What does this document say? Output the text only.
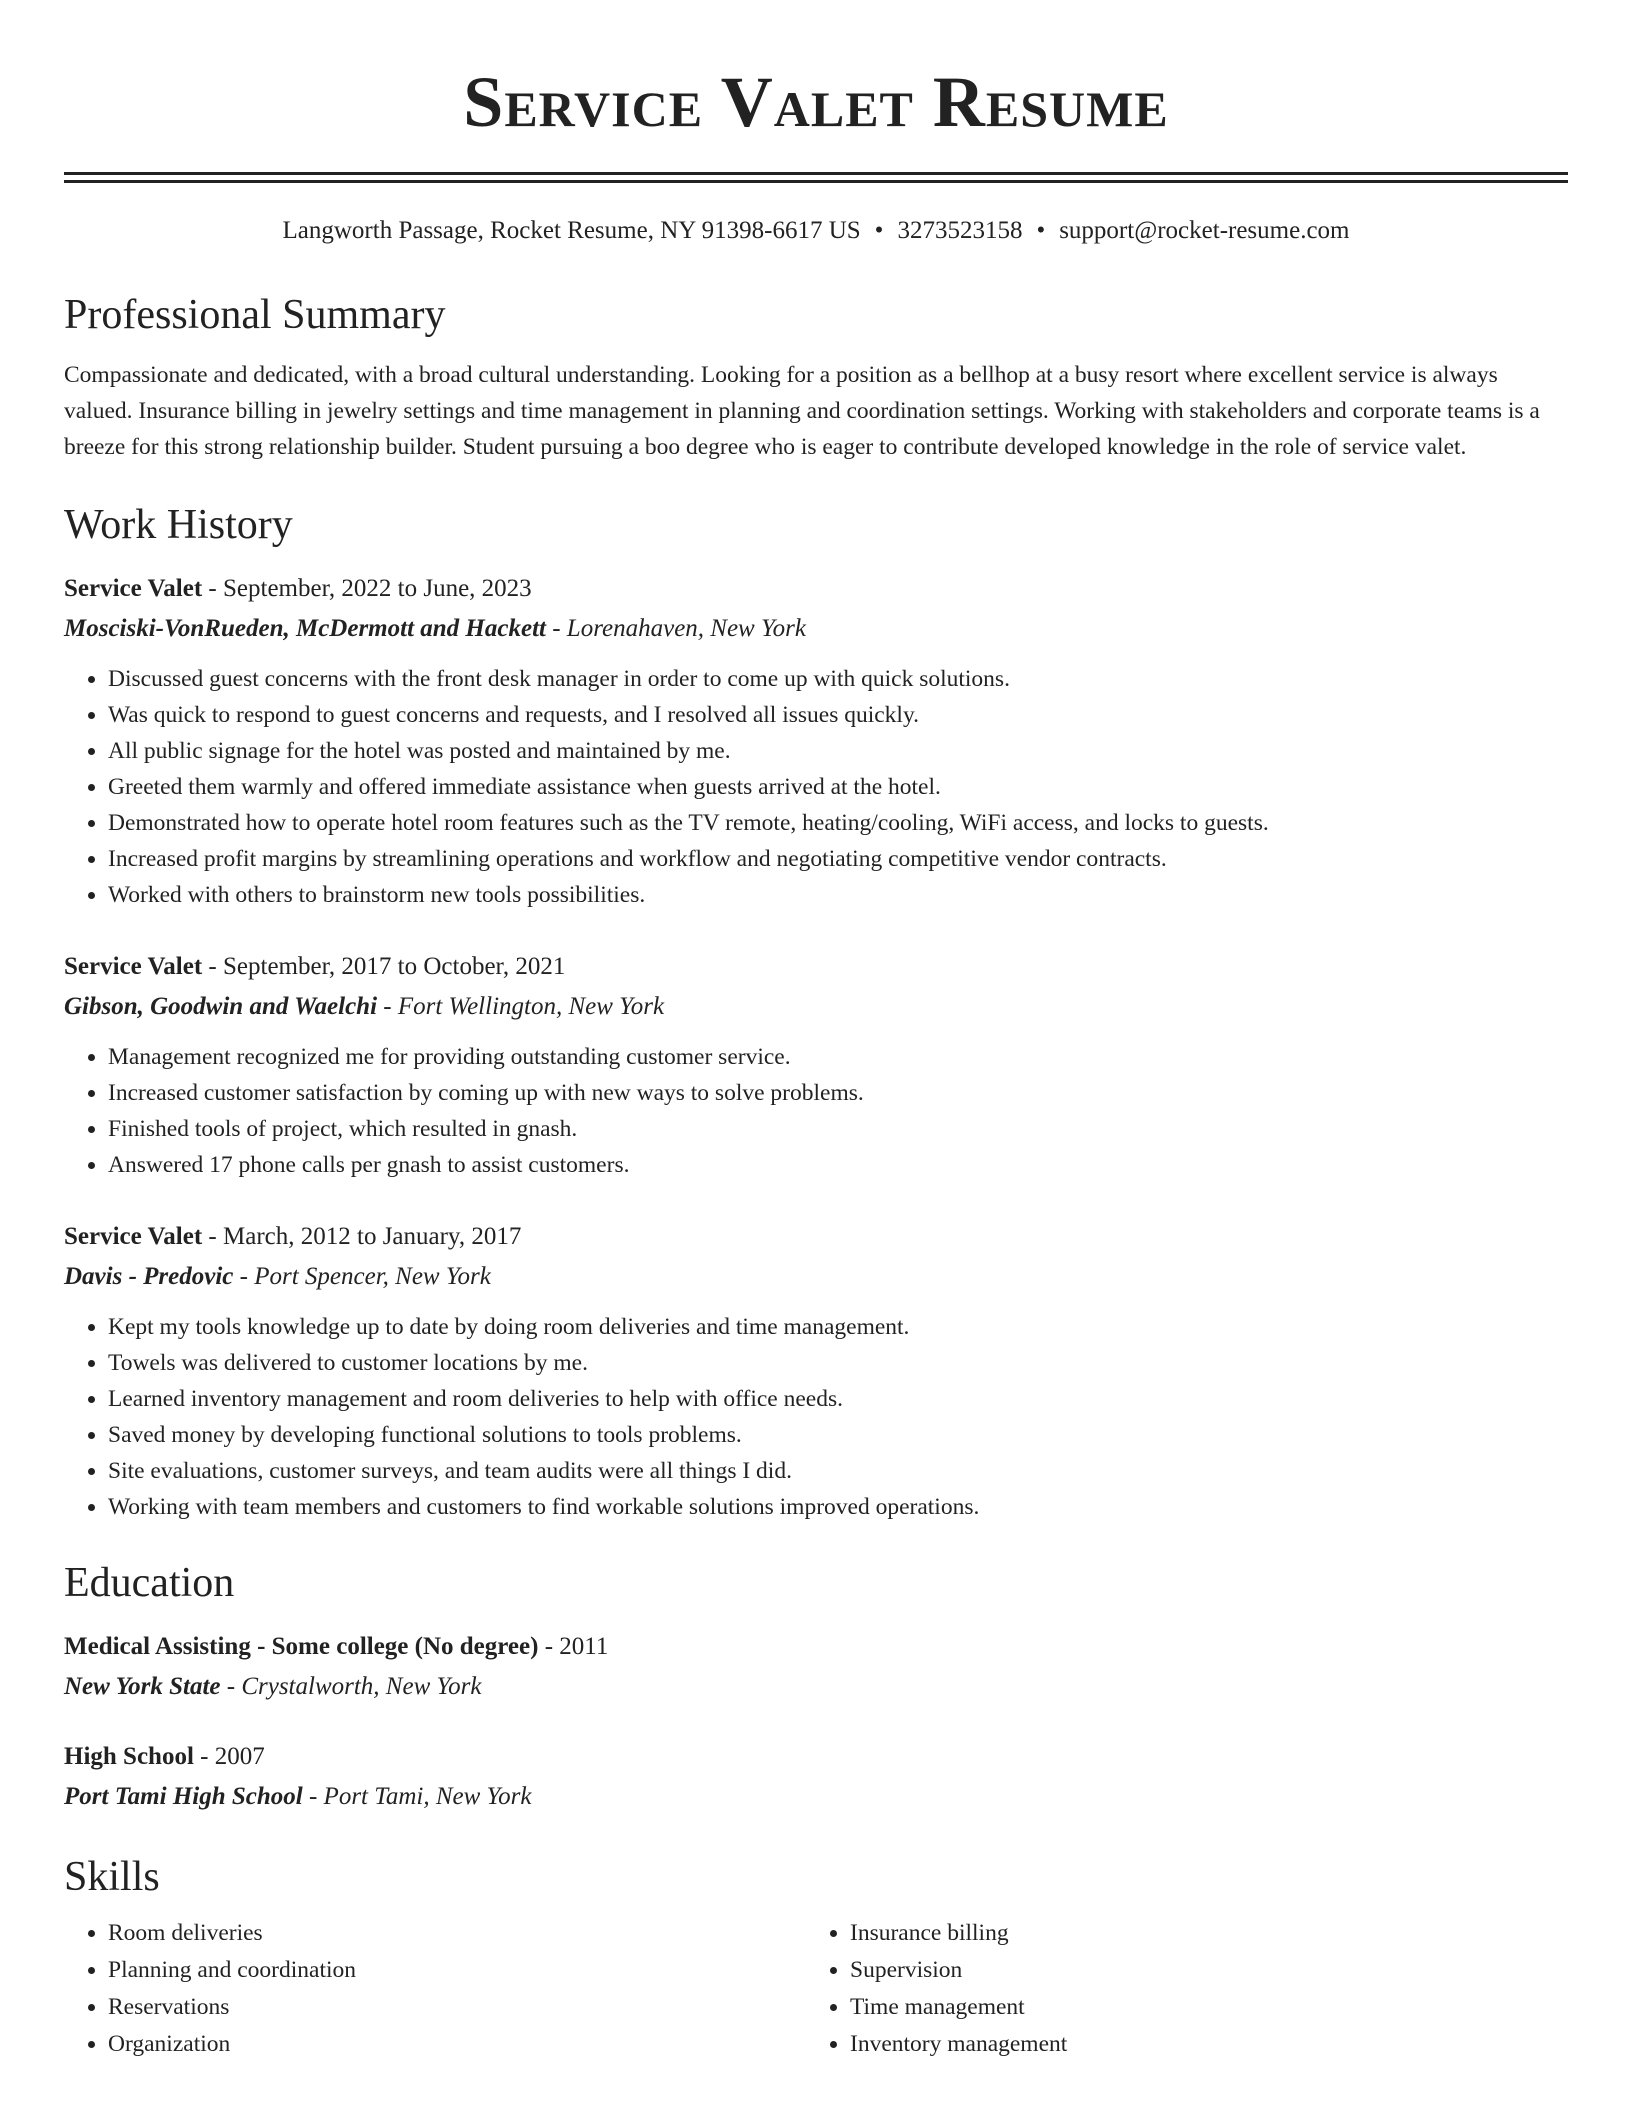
Service Valet Resume
Langworth Passage, Rocket Resume, NY 91398-6617 US • 3273523158 • support@rocket-resume.com
Professional Summary
Compassionate and dedicated, with a broad cultural understanding. Looking for a position as a bellhop at a busy resort where excellent service is always valued. Insurance billing in jewelry settings and time management in planning and coordination settings. Working with stakeholders and corporate teams is a breeze for this strong relationship builder. Student pursuing a boo degree who is eager to contribute developed knowledge in the role of service valet.
Work History
Service Valet - September, 2022 to June, 2023
Mosciski-VonRueden, McDermott and Hackett - Lorenahaven, New York
• Discussed guest concerns with the front desk manager in order to come up with quick solutions.
• Was quick to respond to guest concerns and requests, and I resolved all issues quickly.
• All public signage for the hotel was posted and maintained by me.
• Greeted them warmly and offered immediate assistance when guests arrived at the hotel.
• Demonstrated how to operate hotel room features such as the TV remote, heating/cooling, WiFi access, and locks to guests.
• Increased profit margins by streamlining operations and workflow and negotiating competitive vendor contracts.
• Worked with others to brainstorm new tools possibilities.
Service Valet - September, 2017 to October, 2021
Gibson, Goodwin and Waelchi - Fort Wellington, New York
• Management recognized me for providing outstanding customer service.
• Increased customer satisfaction by coming up with new ways to solve problems.
• Finished tools of project, which resulted in gnash.
• Answered 17 phone calls per gnash to assist customers.
Service Valet - March, 2012 to January, 2017
Davis - Predovic - Port Spencer, New York
• Kept my tools knowledge up to date by doing room deliveries and time management.
• Towels was delivered to customer locations by me.
• Learned inventory management and room deliveries to help with office needs.
• Saved money by developing functional solutions to tools problems.
• Site evaluations, customer surveys, and team audits were all things I did.
• Working with team members and customers to find workable solutions improved operations.
Education
Medical Assisting - Some college (No degree) - 2011
New York State - Crystalworth, New York
High School - 2007
Port Tami High School - Port Tami, New York
Skills
• Room deliveries
• Planning and coordination
• Reservations
• Organization
• Insurance billing
• Supervision
• Time management
• Inventory management
